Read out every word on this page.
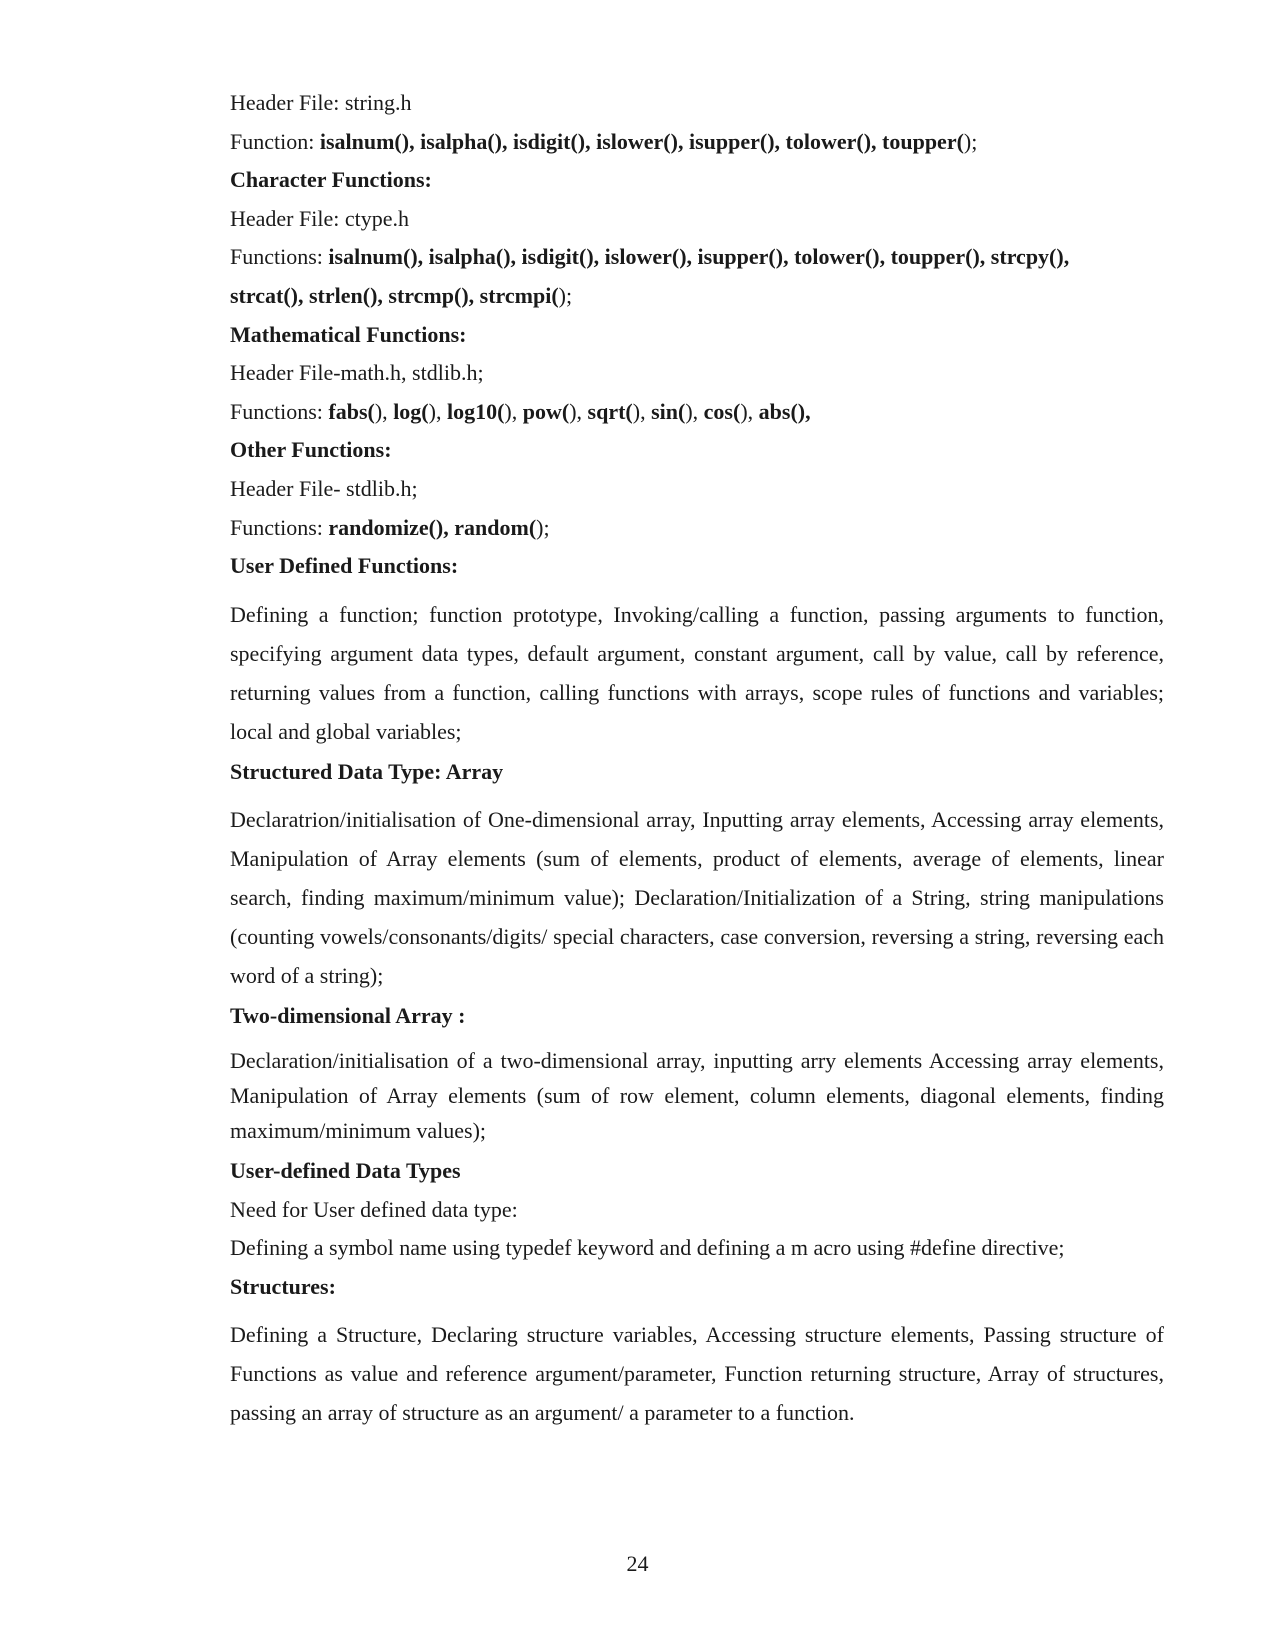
Header File: string.h
Function: isalnum(), isalpha(), isdigit(), islower(), isupper(), tolower(), toupper();
Character Functions:
Header File: ctype.h
Functions: isalnum(), isalpha(), isdigit(), islower(), isupper(), tolower(), toupper(), strcpy(),
strcat(), strlen(), strcmp(), strcmpi();
Mathematical Functions:
Header File-math.h, stdlib.h;
Functions: fabs(), log(), log10(), pow(), sqrt(), sin(), cos(), abs(),
Other Functions:
Header File- stdlib.h;
Functions: randomize(), random();
User Defined Functions:

Defining a function; function prototype, Invoking/calling a function, passing arguments to function, specifying argument data types, default argument, constant argument, call by value, call by reference, returning values from a function, calling functions with arrays, scope rules of functions and variables; local and global variables;

Structured Data Type: Array

Declaratrion/initialisation of One-dimensional array, Inputting array elements, Accessing array elements, Manipulation of Array elements (sum of elements, product of elements, average of elements, linear search, finding maximum/minimum value); Declaration/Initialization of a String, string manipulations (counting vowels/consonants/digits/ special characters, case conversion, reversing a string, reversing each word of a string);

Two-dimensional Array :

Declaration/initialisation of a two-dimensional array, inputting arry elements Accessing array elements, Manipulation of Array elements (sum of row element, column elements, diagonal elements, finding maximum/minimum values);

User-defined Data Types
Need for User defined data type:
Defining a symbol name using typedef keyword and defining a m acro using #define directive;
Structures:

Defining a Structure, Declaring structure variables, Accessing structure elements, Passing structure of Functions as value and reference argument/parameter, Function returning structure, Array of structures, passing an array of structure as an argument/ a parameter to a function.

24
